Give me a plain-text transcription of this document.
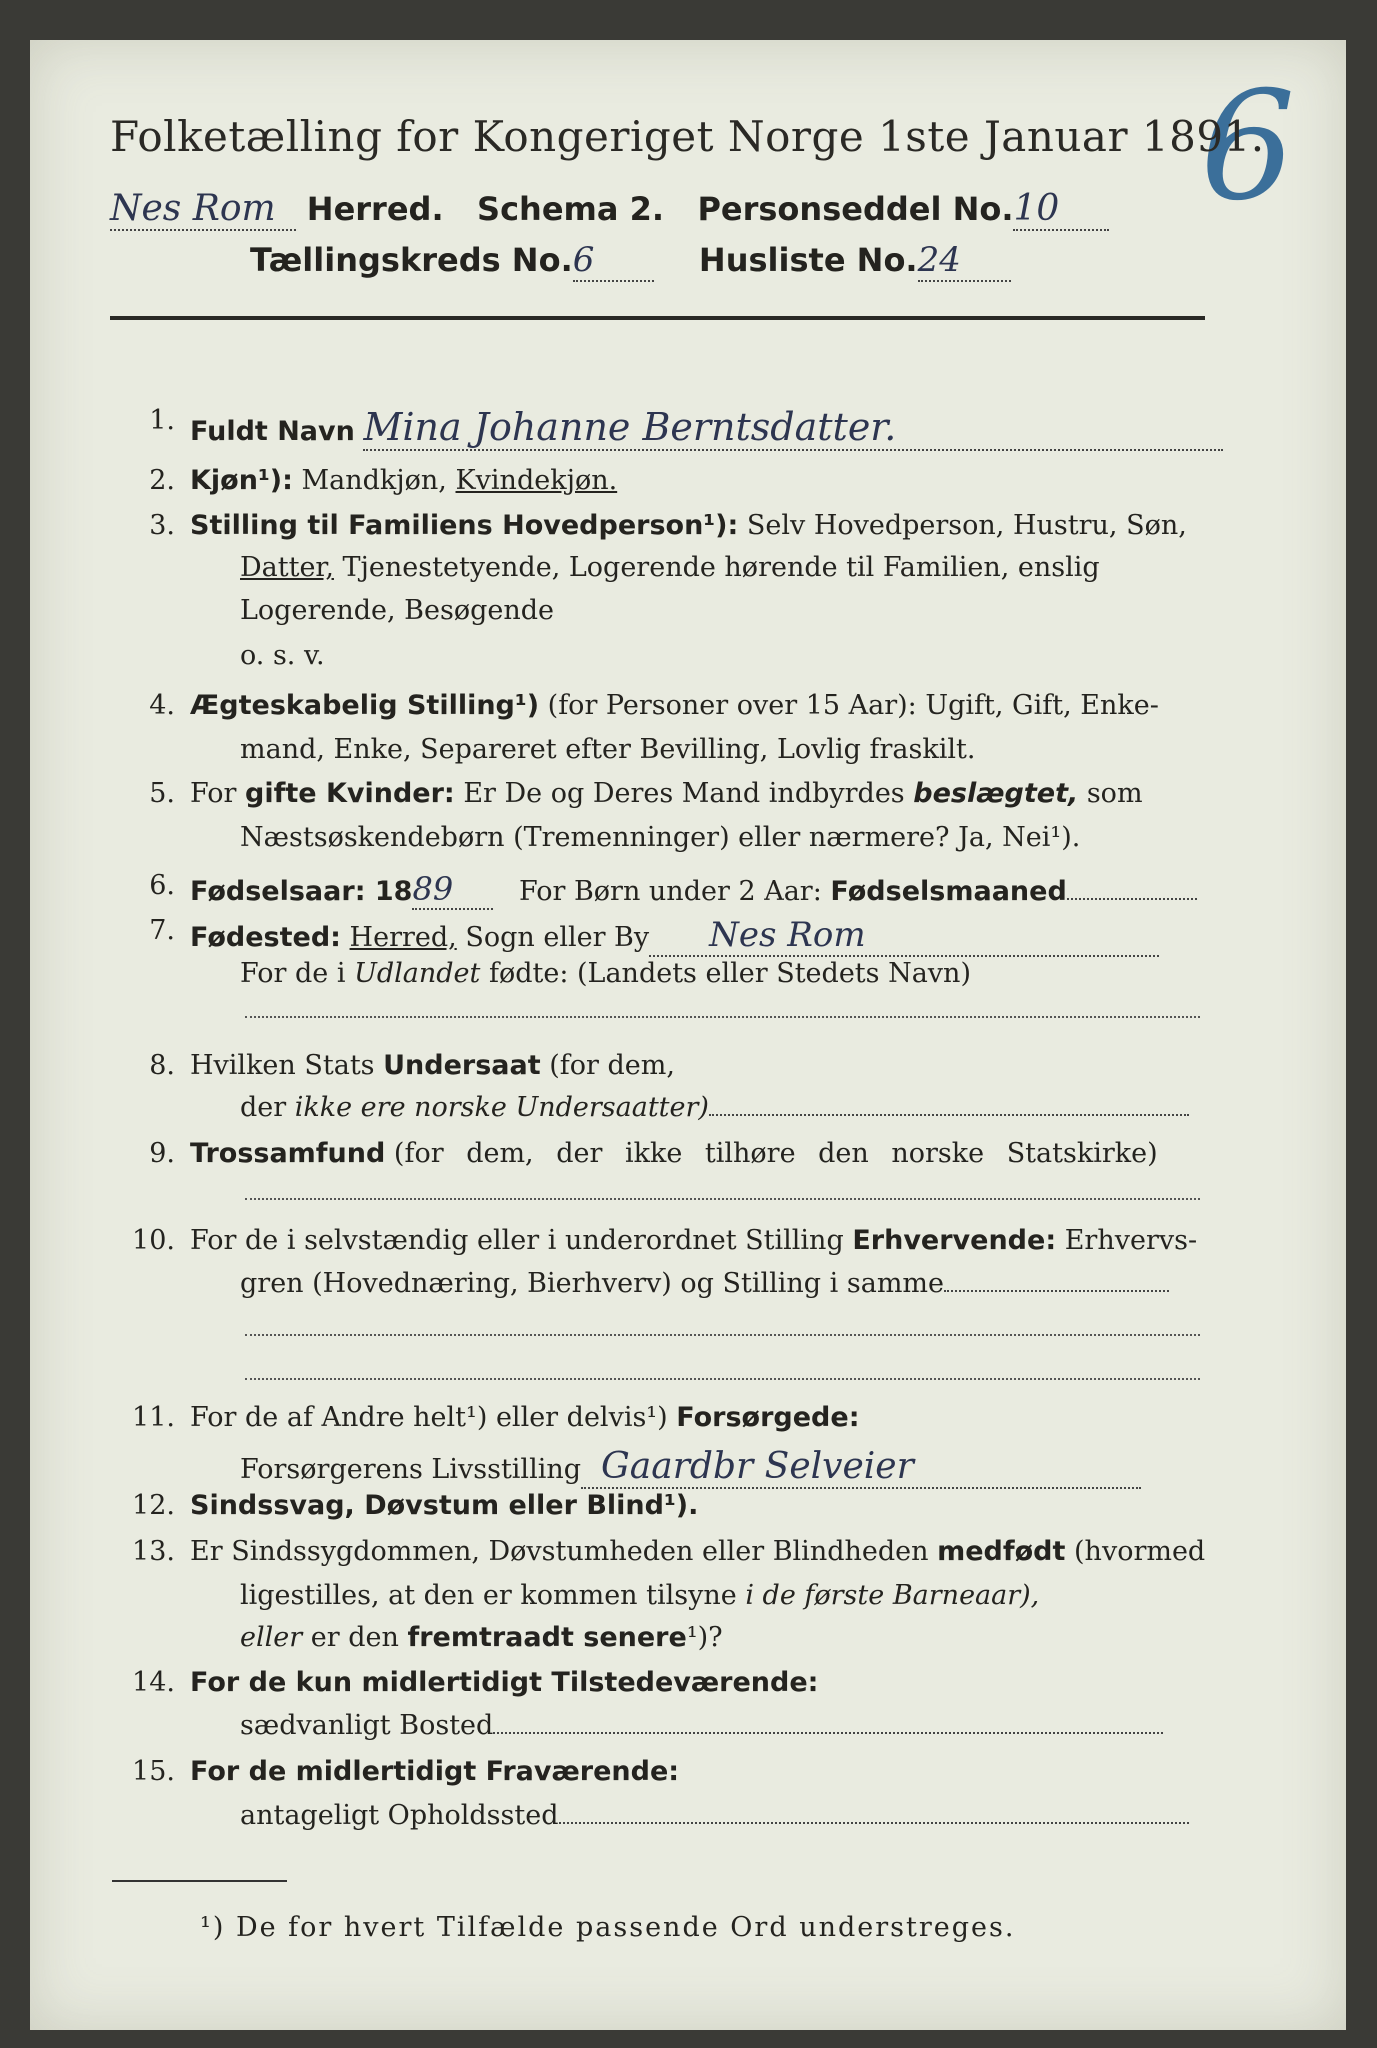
6
Folketælling for Kongeriget Norge 1ste Januar 1891.
Nes Rom Herred. Schema 2. Personseddel No.10
Tællingskreds No.6	Husliste No.24
1. Fuldt Navn Mina Johanne Berntsdatter.
2. Kjøn¹): Mandkjøn, Kvindekjøn.
3. Stilling til Familiens Hovedperson¹): Selv Hovedperson, Hustru, Søn,
Datter, Tjenestetyende, Logerende hørende til Familien, enslig
Logerende, Besøgende
o. s. v.
4. Ægteskabelig Stilling¹) (for Personer over 15 Aar): Ugift, Gift, Enke-
mand, Enke, Separeret efter Bevilling, Lovlig fraskilt.
5. For gifte Kvinder: Er De og Deres Mand indbyrdes beslægtet, som
Næstsøskendebørn (Tremenninger) eller nærmere? Ja, Nei¹).
6. Fødselsaar: 1889 For Børn under 2 Aar: Fødselsmaaned
7. Fødested: Herred, Sogn eller By Nes Rom
For de i Udlandet fødte: (Landets eller Stedets Navn)
8. Hvilken Stats Undersaat (for dem,
der ikke ere norske Undersaatter)
9. Trossamfund (for dem, der ikke tilhøre den norske Statskirke)
10. For de i selvstændig eller i underordnet Stilling Erhvervende: Erhvervs-
gren (Hovednæring, Bierhverv) og Stilling i samme
11. For de af Andre helt¹) eller delvis¹) Forsørgede:
Forsørgerens Livsstilling Gaardbr Selveier
12. Sindssvag, Døvstum eller Blind¹).
13. Er Sindssygdommen, Døvstumheden eller Blindheden medfødt (hvormed
ligestilles, at den er kommen tilsyne i de første Barneaar),
eller er den fremtraadt senere¹)?
14. For de kun midlertidigt Tilstedeværende:
sædvanligt Bosted
15. For de midlertidigt Fraværende:
antageligt Opholdssted
¹) De for hvert Tilfælde passende Ord understreges.
